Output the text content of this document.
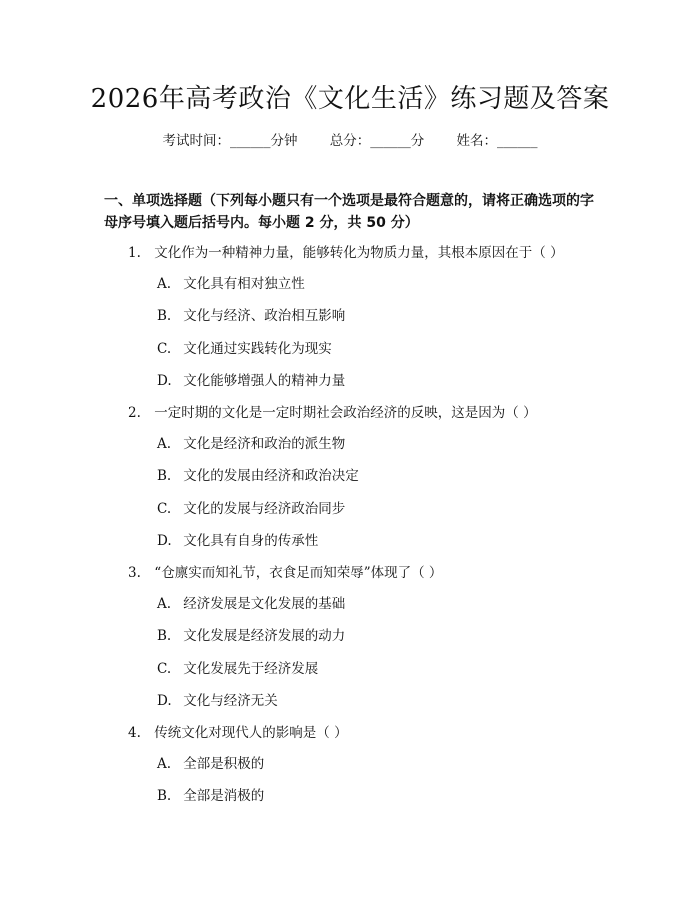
2026年高考政治《文化生活》练习题及答案
考试时间：______分钟 总分：______分 姓名：______
一、单项选择题（下列每小题只有一个选项是最符合题意的，请将正确选项的字母序号填入题后括号内。每小题 2 分，共 50 分）
1. 文化作为一种精神力量，能够转化为物质力量，其根本原因在于（ ）
A. 文化具有相对独立性
B. 文化与经济、政治相互影响
C. 文化通过实践转化为现实
D. 文化能够增强人的精神力量
2. 一定时期的文化是一定时期社会政治经济的反映，这是因为（ ）
A. 文化是经济和政治的派生物
B. 文化的发展由经济和政治决定
C. 文化的发展与经济政治同步
D. 文化具有自身的传承性
3. “仓廪实而知礼节，衣食足而知荣辱”体现了（ ）
A. 经济发展是文化发展的基础
B. 文化发展是经济发展的动力
C. 文化发展先于经济发展
D. 文化与经济无关
4. 传统文化对现代人的影响是（ ）
A. 全部是积极的
B. 全部是消极的
